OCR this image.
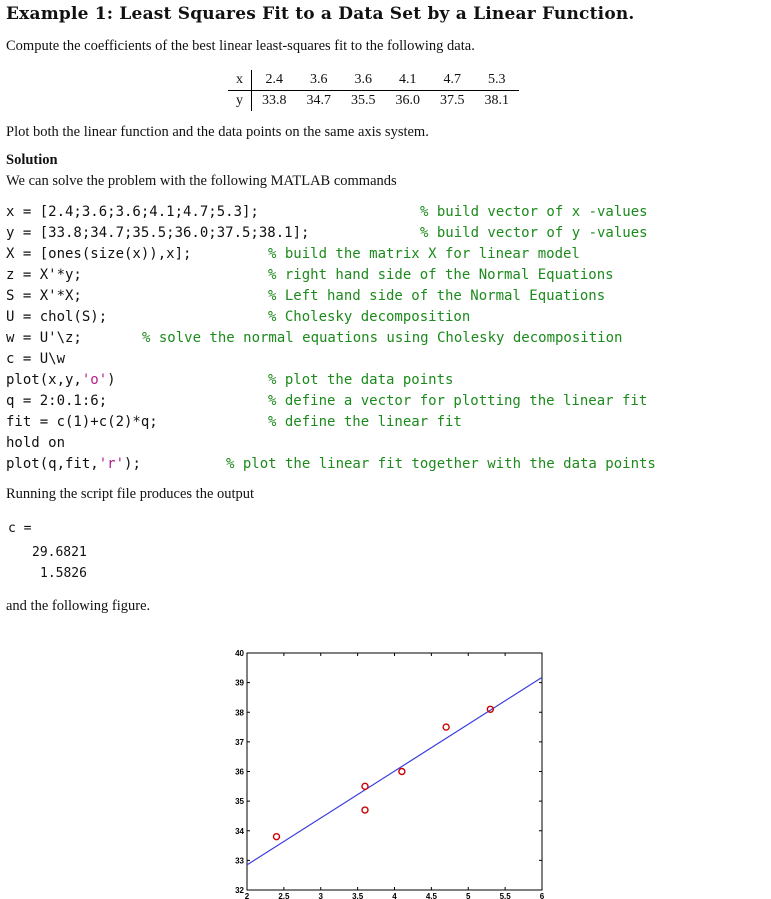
Example 1: Least Squares Fit to a Data Set by a Linear Function.
Compute the coefficients of the best linear least-squares fit to the following data.
x	2.4	3.6	3.6	4.1	4.7	5.3
y	33.8	34.7	35.5	36.0	37.5	38.1
Plot both the linear function and the data points on the same axis system.
Solution
We can solve the problem with the following MATLAB commands
x = [2.4;3.6;3.6;4.1;4.7;5.3];	% build vector of x -values
y = [33.8;34.7;35.5;36.0;37.5;38.1];	% build vector of y -values
X = [ones(size(x)),x];	% build the matrix X for linear model
z = X'*y;	% right hand side of the Normal Equations
S = X'*X;	% Left hand side of the Normal Equations
U = chol(S);	% Cholesky decomposition
w = U'\z;	% solve the normal equations using Cholesky decomposition
c = U\w
plot(x,y,'o')	% plot the data points
q = 2:0.1:6;	% define a vector for plotting the linear fit
fit = c(1)+c(2)*q;	% define the linear fit
hold on
plot(q,fit,'r');	% plot the linear fit together with the data points
Running the script file produces the output
c =
29.6821
1.5826
and the following figure.
2	2.5	3	3.5	4	4.5	5	5.5	6
32
33
34
35
36
37
38
39
40
